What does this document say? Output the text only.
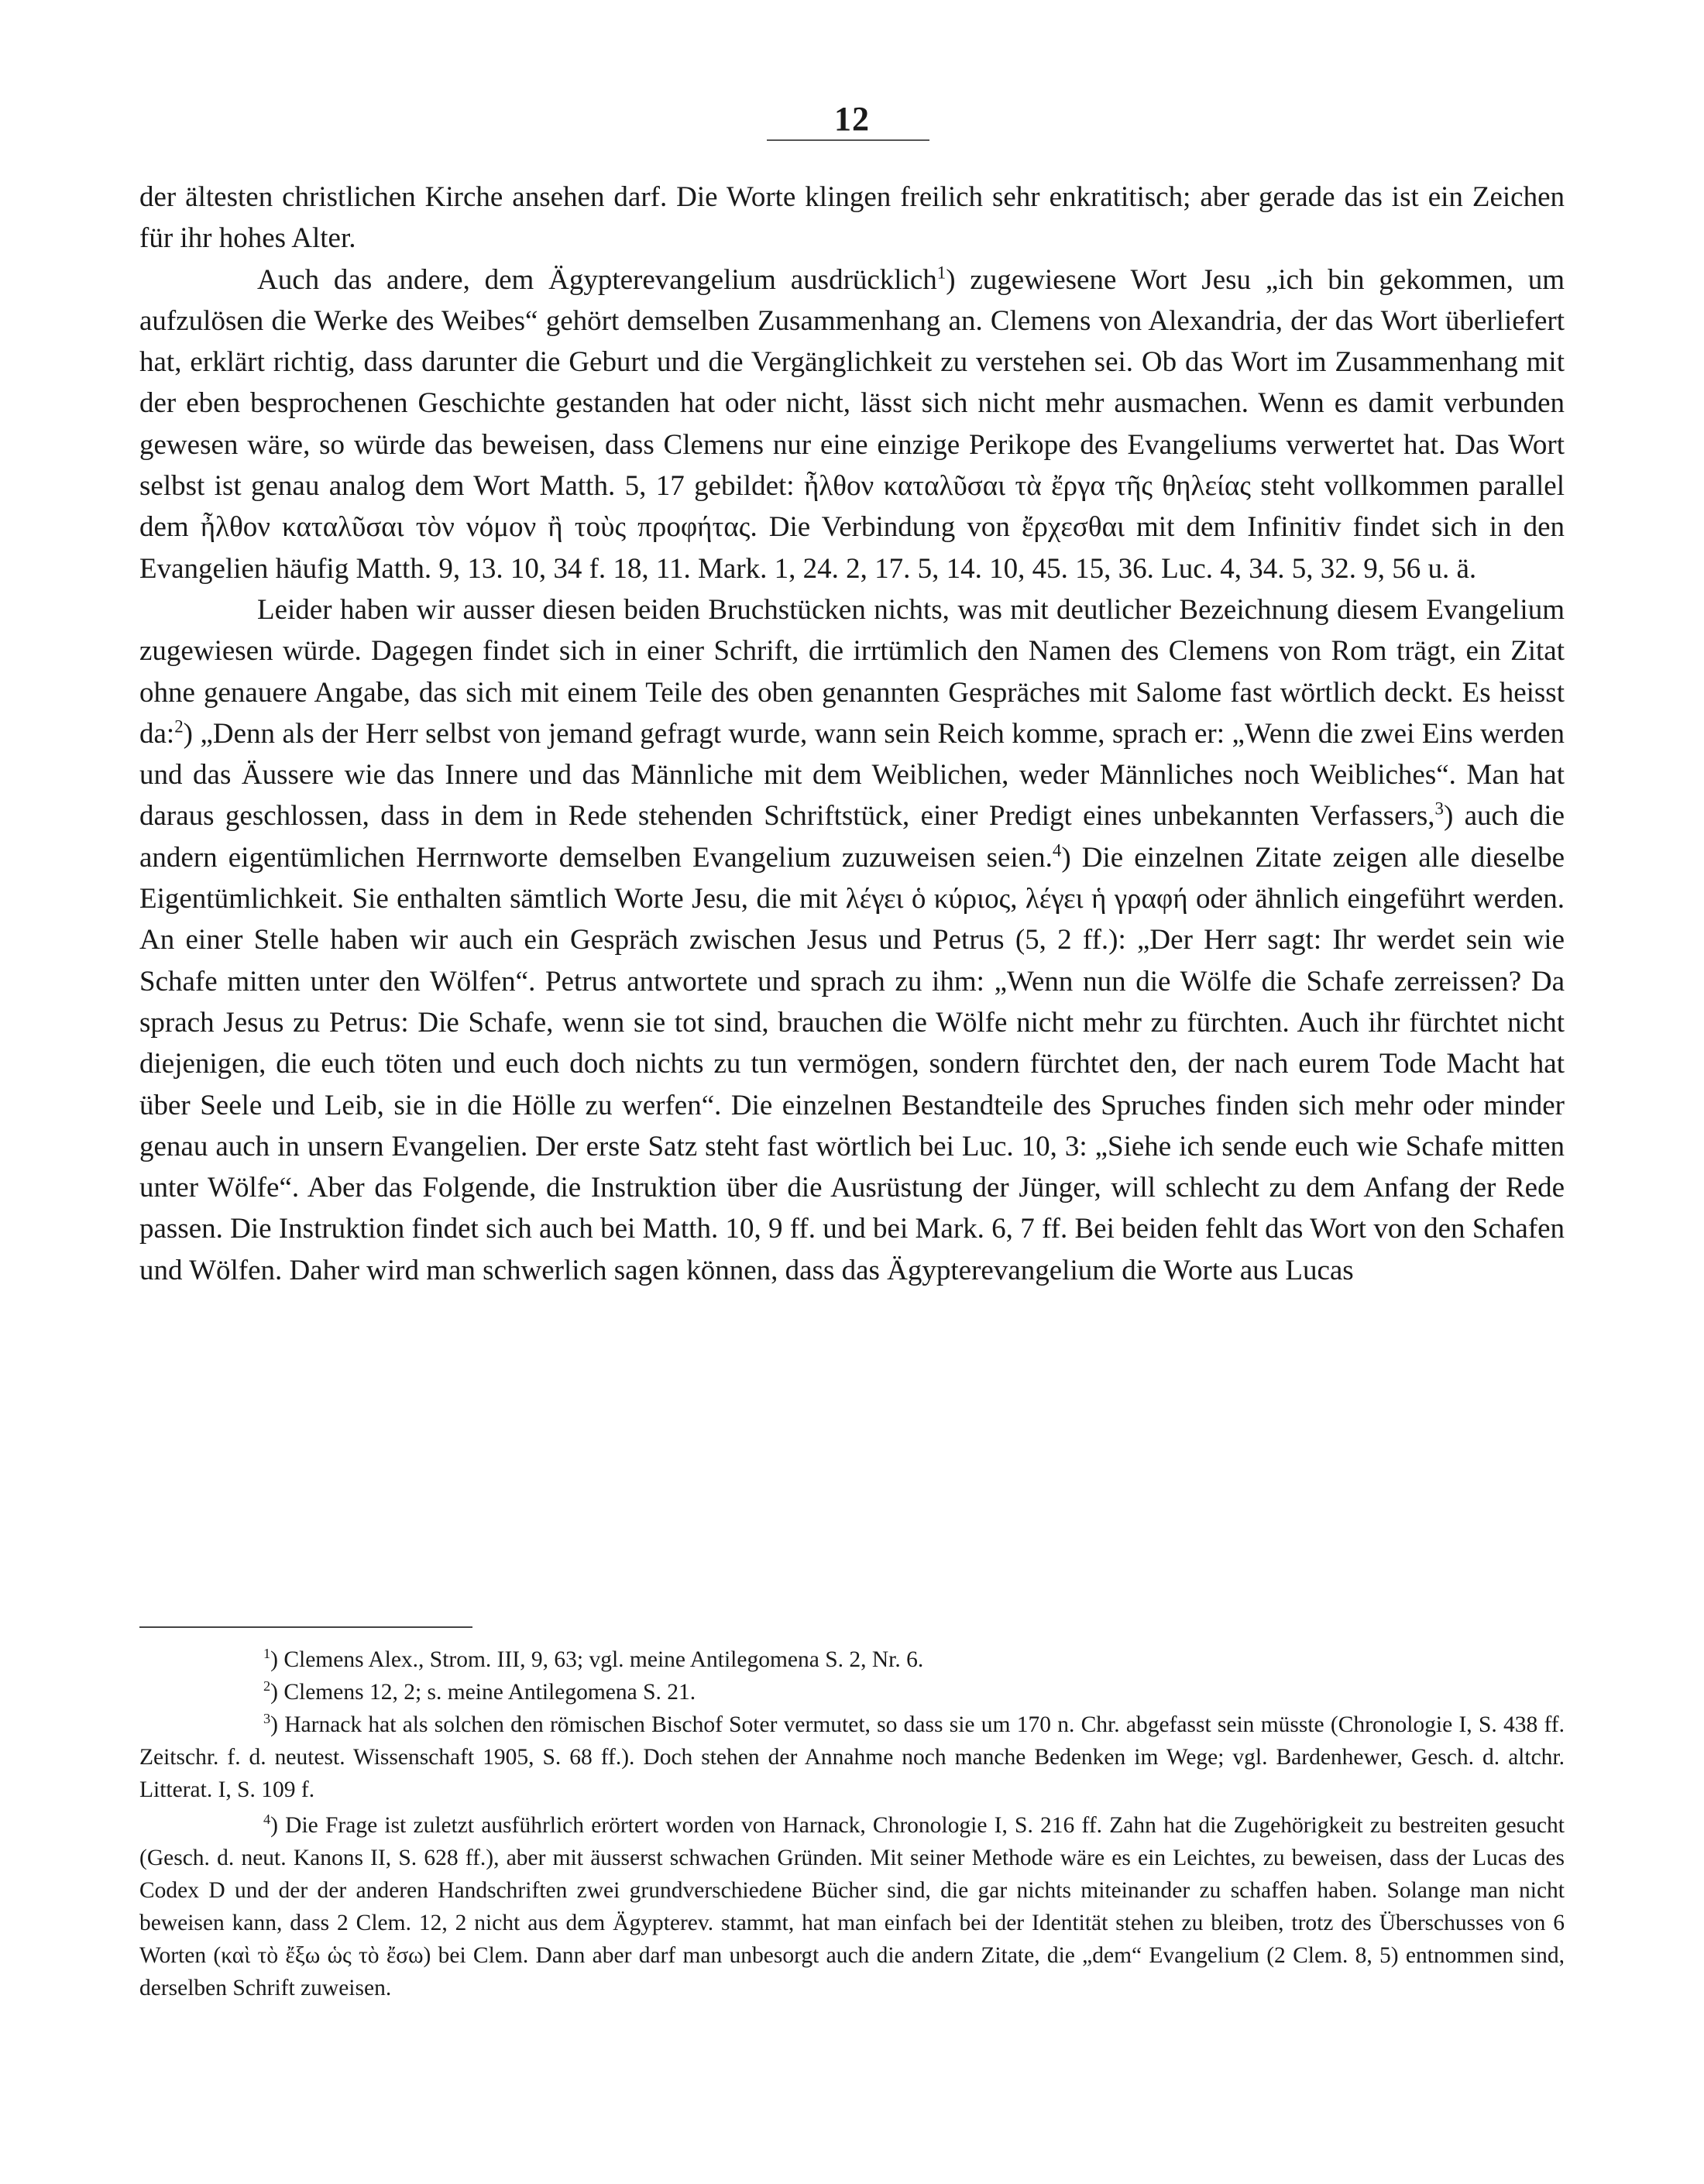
12

der ältesten christlichen Kirche ansehen darf. Die Worte klingen freilich sehr enkratitisch; aber gerade das ist ein Zeichen für ihr hohes Alter.

Auch das andere, dem Ägypterevangelium ausdrücklich$^1$) zugewiesene Wort Jesu „ich bin gekommen, um aufzulösen die Werke des Weibes“ gehört demselben Zusammenhang an. Clemens von Alexandria, der das Wort überliefert hat, erklärt richtig, dass darunter die Geburt und die Vergänglichkeit zu verstehen sei. Ob das Wort im Zusammenhang mit der eben besprochenen Geschichte gestanden hat oder nicht, lässt sich nicht mehr ausmachen. Wenn es damit verbunden gewesen wäre, so würde das beweisen, dass Clemens nur eine einzige Perikope des Evangeliums verwertet hat. Das Wort selbst ist genau analog dem Wort Matth. 5, 17 gebildet: ἦλθον καταλῦσαι τὰ ἔργα τῆς θηλείας steht vollkommen parallel dem ἦλθον καταλῦσαι τὸν νόμον ἢ τοὺς προφήτας. Die Verbindung von ἔρχεσθαι mit dem Infinitiv findet sich in den Evangelien häufig Matth. 9, 13. 10, 34 f. 18, 11. Mark. 1, 24. 2, 17. 5, 14. 10, 45. 15, 36. Luc. 4, 34. 5, 32. 9, 56 u. ä.

Leider haben wir ausser diesen beiden Bruchstücken nichts, was mit deutlicher Bezeichnung diesem Evangelium zugewiesen würde. Dagegen findet sich in einer Schrift, die irrtümlich den Namen des Clemens von Rom trägt, ein Zitat ohne genauere Angabe, das sich mit einem Teile des oben genannten Gespräches mit Salome fast wörtlich deckt. Es heisst da:$^2$) „Denn als der Herr selbst von jemand gefragt wurde, wann sein Reich komme, sprach er: „Wenn die zwei Eins werden und das Äussere wie das Innere und das Männliche mit dem Weiblichen, weder Männliches noch Weibliches“. Man hat daraus geschlossen, dass in dem in Rede stehenden Schriftstück, einer Predigt eines unbekannten Verfassers,$^3$) auch die andern eigentümlichen Herrnworte demselben Evangelium zuzuweisen seien.$^4$) Die einzelnen Zitate zeigen alle dieselbe Eigentümlichkeit. Sie enthalten sämtlich Worte Jesu, die mit λέγει ὁ κύριος, λέγει ἡ γραφή oder ähnlich eingeführt werden. An einer Stelle haben wir auch ein Gespräch zwischen Jesus und Petrus (5, 2 ff.): „Der Herr sagt: Ihr werdet sein wie Schafe mitten unter den Wölfen“. Petrus antwortete und sprach zu ihm: „Wenn nun die Wölfe die Schafe zerreissen? Da sprach Jesus zu Petrus: Die Schafe, wenn sie tot sind, brauchen die Wölfe nicht mehr zu fürchten. Auch ihr fürchtet nicht diejenigen, die euch töten und euch doch nichts zu tun vermögen, sondern fürchtet den, der nach eurem Tode Macht hat über Seele und Leib, sie in die Hölle zu werfen“. Die einzelnen Bestandteile des Spruches finden sich mehr oder minder genau auch in unsern Evangelien. Der erste Satz steht fast wörtlich bei Luc. 10, 3: „Siehe ich sende euch wie Schafe mitten unter Wölfe“. Aber das Folgende, die Instruktion über die Ausrüstung der Jünger, will schlecht zu dem Anfang der Rede passen. Die Instruktion findet sich auch bei Matth. 10, 9 ff. und bei Mark. 6, 7 ff. Bei beiden fehlt das Wort von den Schafen und Wölfen. Daher wird man schwerlich sagen können, dass das Ägypterevangelium die Worte aus Lucas

$^1$) Clemens Alex., Strom. III, 9, 63; vgl. meine Antilegomena S. 2, Nr. 6.

$^2$) Clemens 12, 2; s. meine Antilegomena S. 21.

$^3$) Harnack hat als solchen den römischen Bischof Soter vermutet, so dass sie um 170 n. Chr. abgefasst sein müsste (Chronologie I, S. 438 ff. Zeitschr. f. d. neutest. Wissenschaft 1905, S. 68 ff.). Doch stehen der Annahme noch manche Bedenken im Wege; vgl. Bardenhewer, Gesch. d. altchr. Litterat. I, S. 109 f.

$^4$) Die Frage ist zuletzt ausführlich erörtert worden von Harnack, Chronologie I, S. 216 ff. Zahn hat die Zugehörigkeit zu bestreiten gesucht (Gesch. d. neut. Kanons II, S. 628 ff.), aber mit äusserst schwachen Gründen. Mit seiner Methode wäre es ein Leichtes, zu beweisen, dass der Lucas des Codex D und der der anderen Handschriften zwei grundverschiedene Bücher sind, die gar nichts miteinander zu schaffen haben. Solange man nicht beweisen kann, dass 2 Clem. 12, 2 nicht aus dem Ägypterev. stammt, hat man einfach bei der Identität stehen zu bleiben, trotz des Überschusses von 6 Worten (καὶ τὸ ἔξω ὡς τὸ ἔσω) bei Clem. Dann aber darf man unbesorgt auch die andern Zitate, die „dem“ Evangelium (2 Clem. 8, 5) entnommen sind, derselben Schrift zuweisen.
